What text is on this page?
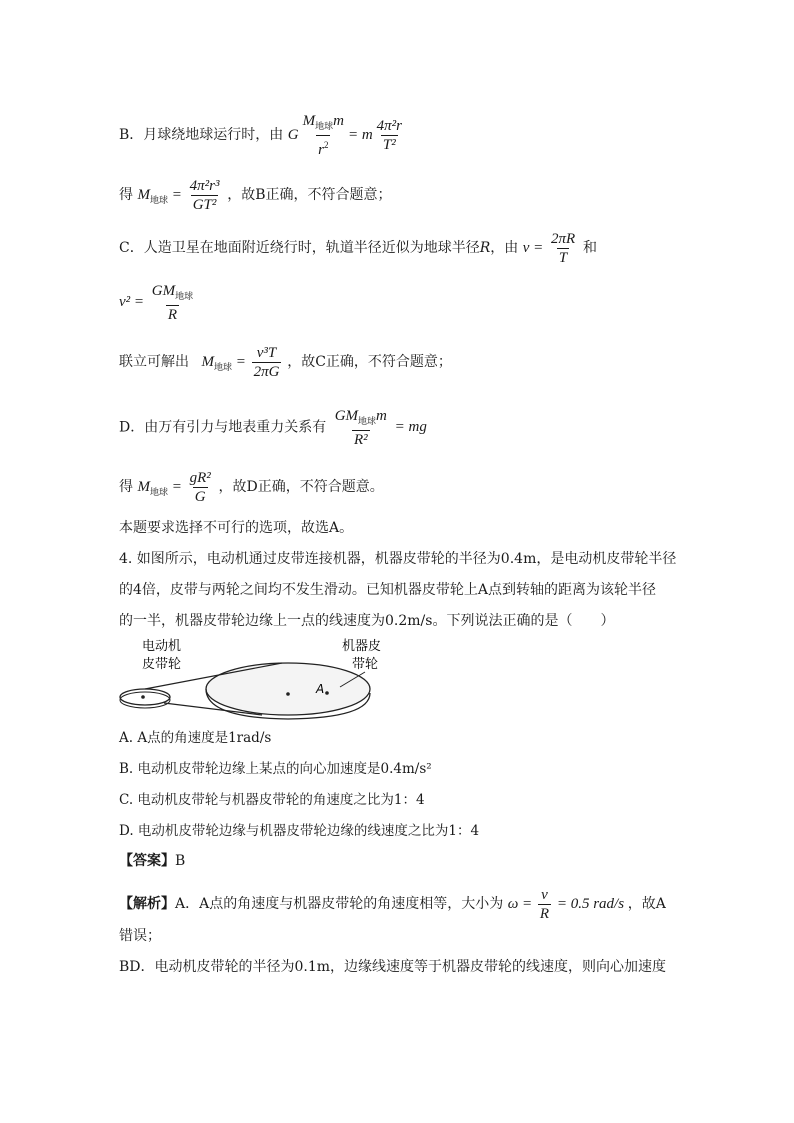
B．月球绕地球运行时，由 G $\frac{M_{地球}m}{r^2} = m \frac{\text{4π²r}}{\text{T²}}$
得 $M_{地球} = \frac{\text{4π²r³}}{\text{GT²}}$ ，故B正确，不符合题意；
C．人造卫星在地面附近绕行时，轨道半径近似为地球半径R，由 $v = \frac{2\pi R}{T}$ 和
$v^2 = \frac{GM_{地球}}{R}$
联立可解出 $M_{地球} = \frac{\text{v³T}}{2\pi G}$ ，故C正确，不符合题意；
D．由万有引力与地表重力关系有 $\frac{GM_{地球}m}{\text{R²}}$ = mg
得 $M_{地球} = \frac{\text{gR²}}{G}$ ，故D正确，不符合题意。
本题要求选择不可行的选项，故选A。
4. 如图所示，电动机通过皮带连接机器，机器皮带轮的半径为0.4m，是电动机皮带轮半径
的4倍，皮带与两轮之间均不发生滑动。已知机器皮带轮上A点到转轴的距离为该轮半径
的一半，机器皮带轮边缘上一点的线速度为0.2m/s。下列说法正确的是（　　）
A
电动机
皮带轮
机器皮
带轮
A. A点的角速度是1rad/s
B. 电动机皮带轮边缘上某点的向心加速度是0.4m/s²
C. 电动机皮带轮与机器皮带轮的角速度之比为1：4
D. 电动机皮带轮边缘与机器皮带轮边缘的线速度之比为1：4
【答案】B
【解析】A．A点的角速度与机器皮带轮的角速度相等，大小为 $\omega = \frac{v}{R} = 0.5$ rad/s ，故A
错误；
BD．电动机皮带轮的半径为0.1m，边缘线速度等于机器皮带轮的线速度，则向心加速度
